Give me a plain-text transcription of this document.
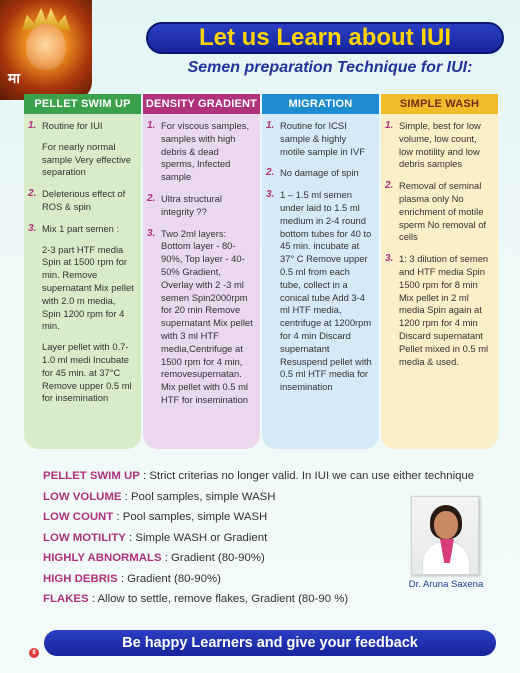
मा
Let us Learn about IUI
Semen preparation Technique for IUI:
PELLET SWIM UP
1. Routine for IUI

For nearly normal sample Very effective separation

2. Deleterious effect of ROS & spin

3. Mix 1 part semen :

2-3 part HTF media Spin at 1500 rpm for min. Remove supernatant Mix pellet with 2.0 m media, Spin 1200 rpm for 4 min.

Layer pellet with 0.7-1.0 ml medi Incubate for 45 min. at 37°C Remove upper 0.5 ml for insemination

DENSITY GRADIENT
1. For viscous samples, samples with high debris & dead sperms, Infected sample

2. Ultra structural integrity ??

3. Two 2ml layers: Bottom layer - 80-90%, Top layer - 40-50% Gradient, Overlay with 2 -3 ml semen Spin2000rpm for 20 min Remove supernatant Mix pellet with 3 ml HTF media,Centrifuge at 1500 rpm for 4 min, removesupernatan. Mix pellet with 0.5 ml HTF for insemination

MIGRATION
1. Routine for ICSI sample & highly motile sample in IVF

2. No damage of spin

3. 1 – 1.5 ml semen under laid to 1.5 ml medium in 2-4 round bottom tubes for 40 to 45 min. incubate at 37° C Remove upper 0.5 ml from each tube, collect in a conical tube Add 3-4 ml HTF media, centrifuge at 1200rpm for 4 min Discard supernatant Resuspend pellet with 0.5 ml HTF media for insemination

SIMPLE WASH
1. Simple, best for low volume, low count, low motility and low debris samples

2. Removal of seminal plasma only No enrichment of motile sperm No removal of cells

3. 1: 3 dilution of semen and HTF media Spin 1500 rpm for 8 min Mix pellet in 2 ml media Spin again at 1200 rpm for 4 min Discard supernatant Pellet mixed in 0.5 ml media & used.

PELLET SWIM UP : Strict criterias no longer valid. In IUI we can use either technique
LOW VOLUME : Pool samples, simple WASH
LOW COUNT : Pool samples, simple WASH
LOW MOTILITY : Simple WASH or Gradient
HIGHLY ABNORMALS : Gradient (80-90%)
HIGH DEBRIS : Gradient (80-90%)
FLAKES : Allow to settle, remove flakes, Gradient (80-90 %)
Dr. Aruna Saxena
Be happy Learners and give your feedback
8
